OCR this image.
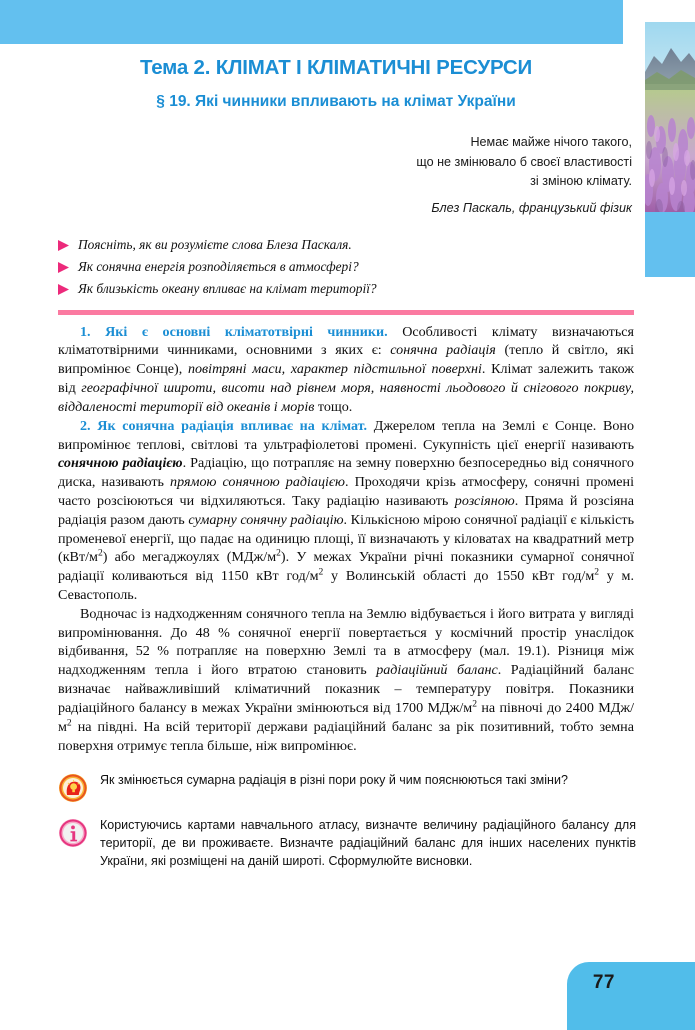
Тема 2. КЛІМАТ І КЛІМАТИЧНІ РЕСУРСИ
§ 19. Які чинники впливають на клімат України
Немає майже нічого такого,
що не змінювало б своєї властивості
зі зміною клімату.
Блез Паскаль, французький фізик
Поясніть, як ви розумієте слова Блеза Паскаля.
Як сонячна енергія розподіляється в атмосфері?
Як близькість океану впливає на клімат території?

1. Які є основні кліматотвірні чинники. Особливості клімату визначаються кліматотвірними чинниками, основними з яких є: сонячна радіація (тепло й світло, які випромінює Сонце), повітряні маси, характер підстильної поверхні. Клімат залежить також від географічної широти, висоти над рівнем моря, наявності льодового й снігового покриву, віддаленості території від океанів і морів тощо.

2. Як сонячна радіація впливає на клімат. Джерелом тепла на Землі є Сонце. Воно випромінює теплові, світлові та ультрафіолетові промені. Сукупність цієї енергії називають сонячною радіацією. Радіацію, що потрапляє на земну поверхню безпосередньо від сонячного диска, називають прямою сонячною радіацією. Проходячи крізь атмосферу, сонячні промені часто розсіюються чи відхиляються. Таку радіацію називають розсіяною. Пряма й розсіяна радіація разом дають сумарну сонячну радіацію. Кількісною мірою сонячної радіації є кількість променевої енергії, що падає на одиницю площі, її визначають у кіловатах на квадратний метр $(кВт/м^2)$ або мегаджоулях $(МДж/м^2)$. У межах України річні показники сумарної сонячної радіації коливаються від 1150 кВт год/$м^2$ у Волинській області до 1550 кВт год/$м^2$ у м. Севастополь.

Водночас із надходженням сонячного тепла на Землю відбувається і його витрата у вигляді випромінювання. До 48 % сонячної енергії повертається у космічний простір унаслідок відбивання, 52 % потрапляє на поверхню Землі та в атмосферу (мал. 19.1). Різниця між надходженням тепла і його втратою становить радіаційний баланс. Радіаційний баланс визначає найважливіший кліматичний показник – температуру повітря. Показники радіаційного балансу в межах України змінюються від 1700 МДж/$м^2$ на півночі до 2400 МДж/$м^2$ на півдні. На всій території держави радіаційний баланс за рік позитивний, тобто земна поверхня отримує тепла більше, ніж випромінює.

Як змінюється сумарна радіація в різні пори року й чим пояснюються такі зміни?
Користуючись картами навчального атласу, визначте величину радіаційного балансу для території, де ви проживаєте. Визначте радіаційний баланс для інших населених пунктів України, які розміщені на даній широті. Сформулюйте висновки.
77
